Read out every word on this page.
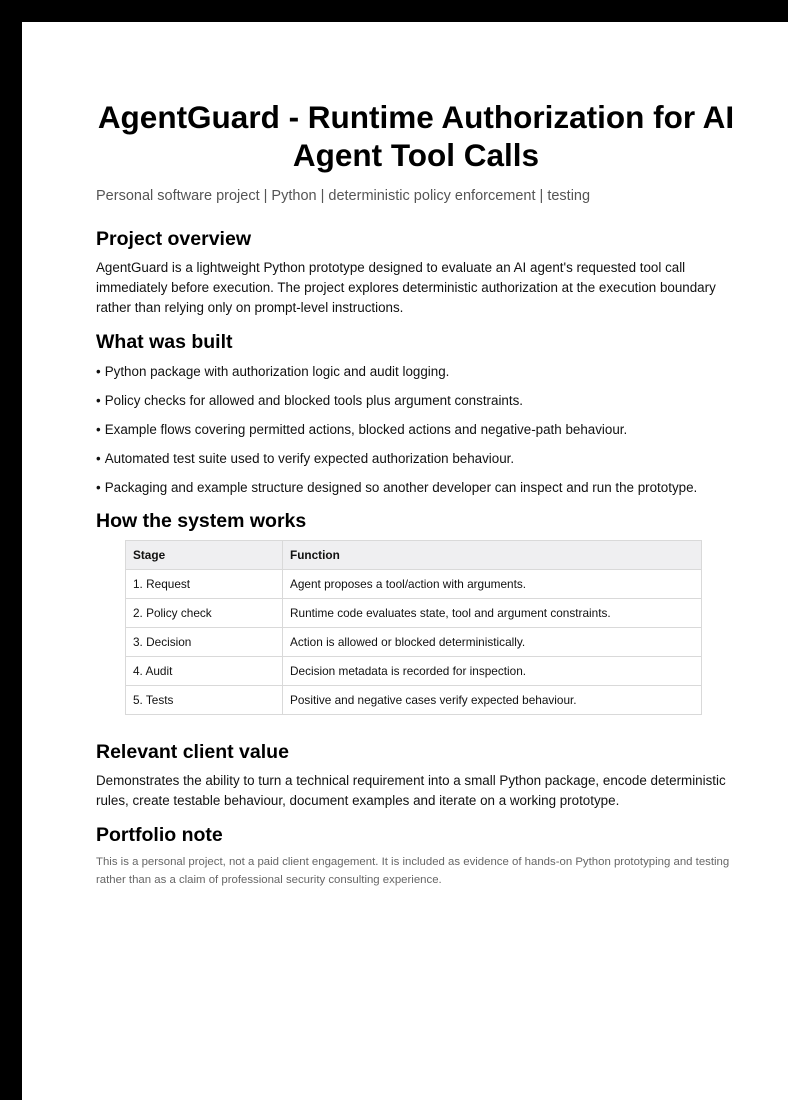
AgentGuard - Runtime Authorization for AI Agent Tool Calls

Personal software project | Python | deterministic policy enforcement | testing

Project overview

AgentGuard is a lightweight Python prototype designed to evaluate an AI agent's requested tool call immediately before execution. The project explores deterministic authorization at the execution boundary rather than relying only on prompt-level instructions.

What was built
• Python package with authorization logic and audit logging.
• Policy checks for allowed and blocked tools plus argument constraints.
• Example flows covering permitted actions, blocked actions and negative-path behaviour.
• Automated test suite used to verify expected authorization behaviour.
• Packaging and example structure designed so another developer can inspect and run the prototype.
How the system works
Stage	Function
1. Request	Agent proposes a tool/action with arguments.
2. Policy check	Runtime code evaluates state, tool and argument constraints.
3. Decision	Action is allowed or blocked deterministically.
4. Audit	Decision metadata is recorded for inspection.
5. Tests	Positive and negative cases verify expected behaviour.
Relevant client value

Demonstrates the ability to turn a technical requirement into a small Python package, encode deterministic rules, create testable behaviour, document examples and iterate on a working prototype.

Portfolio note

This is a personal project, not a paid client engagement. It is included as evidence of hands-on Python prototyping and testing rather than as a claim of professional security consulting experience.
